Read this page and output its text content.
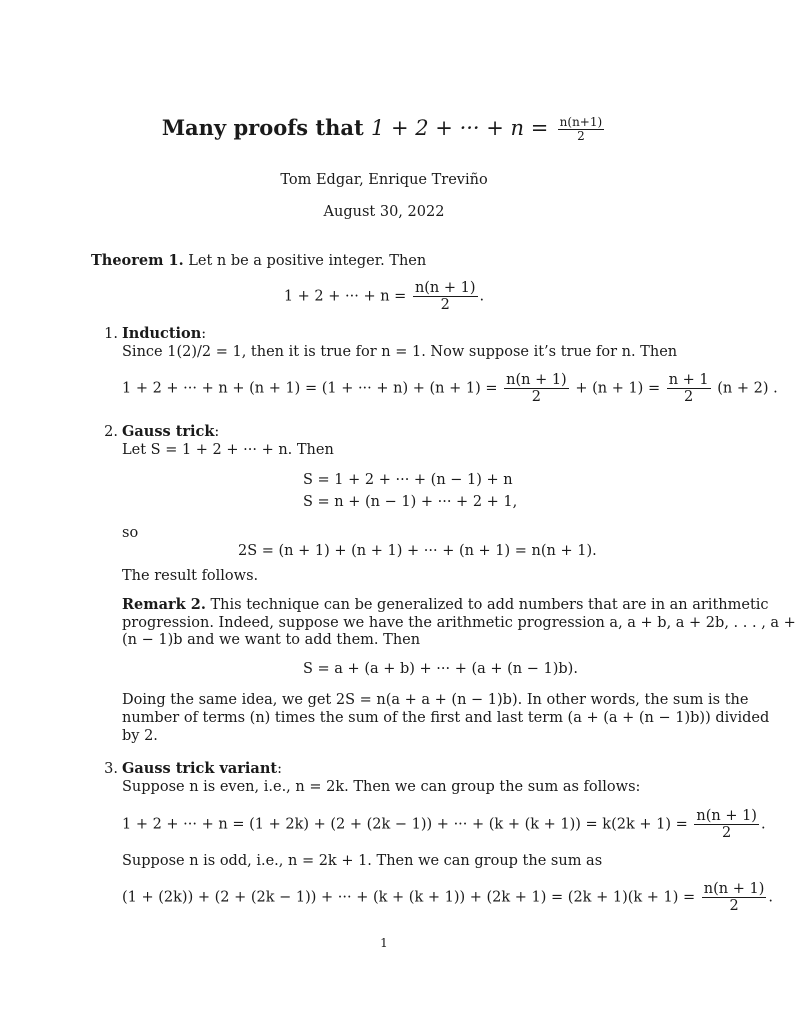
Many proofs that 1 + 2 + ··· + $n = \frac{n(n+1)}{2}$
Tom Edgar, Enrique Treviño
August 30, 2022
Theorem 1. Let n be a positive integer. Then
1 + 2 + ··· + $n = \frac{n(n + 1)}{2}$ .
1. Induction:
Since 1(2)/2 = 1, then it is true for n = 1. Now suppose it’s true for n. Then
1 + 2 + ··· + n + (n + 1) = (1 + ··· + $n) + (n + 1) = \frac{n(n + 1)}{2} + (n + 1) = \frac{n + 1}{2} (n + 2)$ .
2. Gauss trick:
Let S = 1 + 2 + ··· + n. Then
S = 1 + 2 + ··· + (n − 1) + n
S = n + (n − 1) + ··· + 2 + 1,
so
2S = (n + 1) + (n + 1) + ··· + (n + 1) = n(n + 1).
The result follows.
Remark 2. This technique can be generalized to add numbers that are in an arithmetic
progression. Indeed, suppose we have the arithmetic progression a, a + b, a + 2b, . . . , a +
(n − 1)b and we want to add them. Then
S = a + (a + b) + ··· + (a + (n − 1)b).
Doing the same idea, we get 2S = n(a + a + (n − 1)b). In other words, the sum is the
number of terms (n) times the sum of the first and last term (a + (a + (n − 1)b)) divided
by 2.
3. Gauss trick variant:
Suppose n is even, i.e., n = 2k. Then we can group the sum as follows:
1 + 2 + ··· + n = (1 + 2k) + (2 + (2k − 1)) + ··· + $(k + (k + 1)) = k(2k + 1) = \frac{n(n + 1)}{2}$ .
Suppose n is odd, i.e., n = 2k + 1. Then we can group the sum as
(1 + (2k)) + (2 + (2k − 1)) + ··· + $(k + (k + 1)) + (2k + 1) = (2k + 1)(k + 1) = \frac{n(n + 1)}{2}$ .
1
